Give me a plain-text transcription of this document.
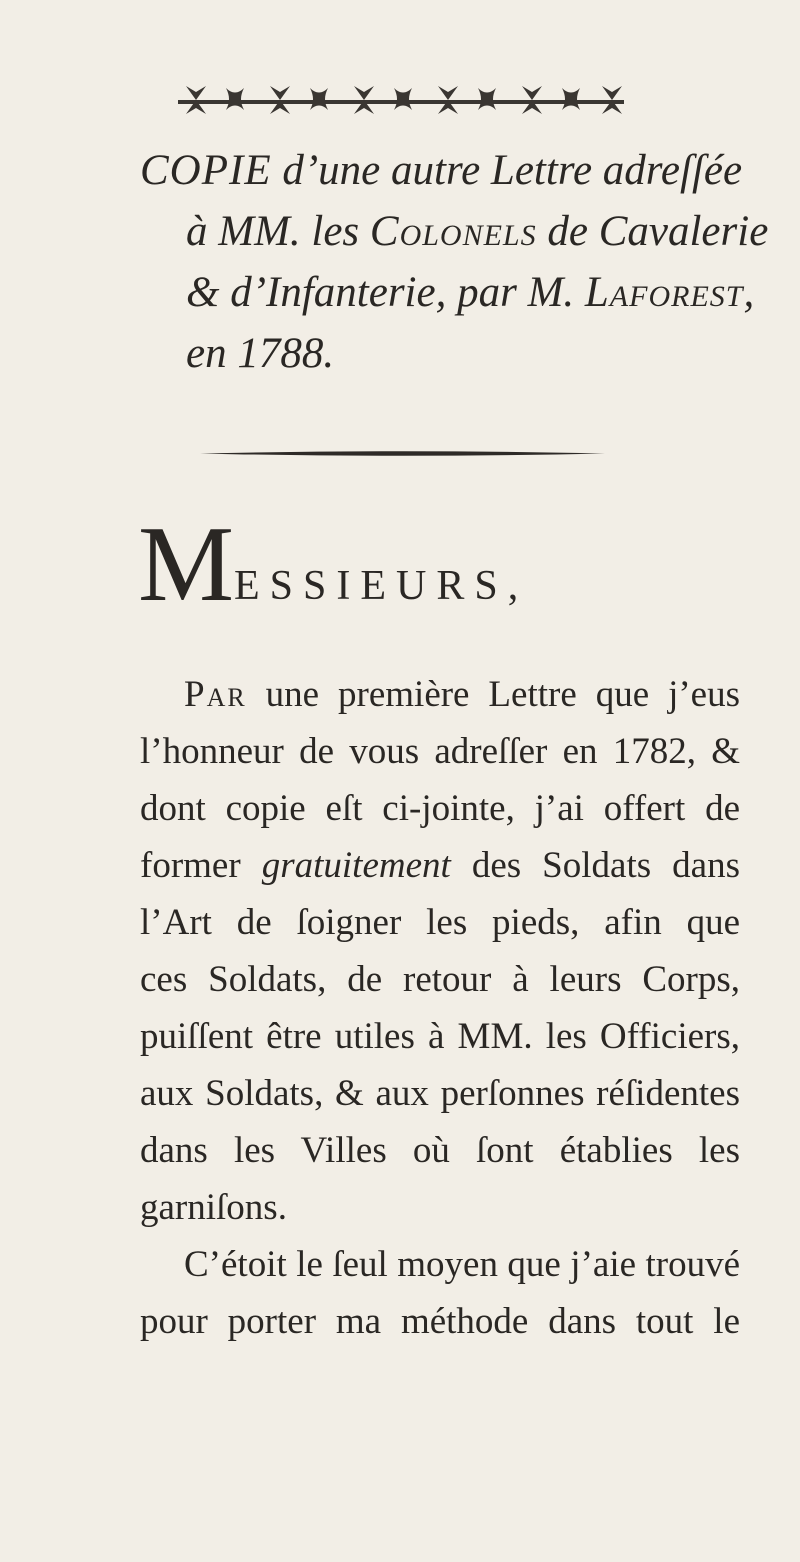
COPIE d’une autre Lettre adreſſée
à MM. les Colonels de Cavalerie
& d’Infanterie, par M. Laforest,
en 1788.
MESSIEURS,

Par une première Lettre que j’eus
l’honneur de vous adreſſer en 1782, &
dont copie eſt ci-jointe, j’ai offert de
former gratuitement des Soldats dans
l’Art de ſoigner les pieds, afin que
ces Soldats, de retour à leurs Corps,
puiſſent être utiles à MM. les Officiers,
aux Soldats, & aux perſonnes réſidentes
dans les Villes où ſont établies les
garniſons.

C’étoit le ſeul moyen que j’aie trouvé
pour porter ma méthode dans tout le
